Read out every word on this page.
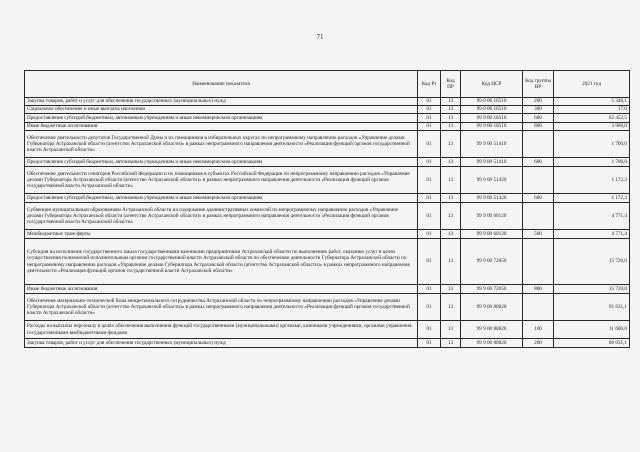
71
Наименование показателя	Код Рз	Код ПР	Код ЦСР	Код группы ВР	2021 год
Закупка товаров, работ и услуг для обеспечения государственных (муниципальных) нужд	01	13	99 9 00 10510	200	5 348,1
Социальное обеспечение и иные выплаты населению	01	13	99 9 00 10510	300	17,0
Предоставление субсидий бюджетным, автономным учреждениям и иным некоммерческим организациям	01	13	99 9 00 10510	600	62 452,5
Иные бюджетные ассигнования	01	13	99 9 00 10510	800	3 900,0
Обеспечение деятельности депутатов Государственной Думы и их помощников в избирательных округах по непрограммному направлению расходов «Управление делами Губернатора Астраханской области (агентство Астраханской области)» в рамках непрограммного направления деятельности «Реализация функций органов государственной власти Астраханской области»	01	13	99 9 00 51410		1 700,0
Предоставление субсидий бюджетным, автономным учреждениям и иным некоммерческим организациям	01	13	99 9 00 51410	600	1 700,0
Обеспечение деятельности сенаторов Российской Федерации и их помощников в субъектах Российской Федерации по непрограммному направлению расходов «Управление делами Губернатора Астраханской области (агентство Астраханской области)» в рамках непрограммного направления деятельности «Реализация функций органов государственной власти Астраханской области»	01	13	99 9 00 51420		1 172,3
Предоставление субсидий бюджетным, автономным учреждениям и иным некоммерческим организациям	01	13	99 9 00 51420	600	1 172,3
Субвенция муниципальным образованиям Астраханской области на содержание административных комиссий по непрограммному направлению расходов «Управление делами Губернатора Астраханской области (агентство Астраханской области)» в рамках непрограммного направления деятельности «Реализация функций органов государственной власти Астраханской области»	01	13	99 9 00 60120		4 771,4
Межбюджетные трансферты	01	13	99 9 00 60120	500	4 771,4
Субсидия на исполнение государственного заказа государственными казенными предприятиями Астраханской области по выполнению работ, оказанию услуг в целях осуществления полномочий исполнительным органом государственной власти Астраханской области по обеспечению деятельности Губернатора Астраханской области по непрограммному направлению расходов «Управление делами Губернатора Астраханской области (агентство Астраханской области)» в рамках непрограммного направления деятельности «Реализация функций органов государственной власти Астраханской области»	01	13	99 9 00 72050		15 720,0
Иные бюджетные ассигнования	01	13	99 9 00 72050	800	15 720,0
Обеспечение материально-технической базы межрегионального сотрудничества Астраханской области по непрограммному направлению расходов «Управление делами Губернатора Астраханской области (агентство Астраханской области)» в рамках непрограммного направления деятельности «Реализация функций органов государственной власти Астраханской области»	01	13	99 9 00 80820		91 631,1
Расходы на выплаты персоналу в целях обеспечения выполнения функций государственными (муниципальными) органами, казенными учреждениями, органами управления государственными внебюджетными фондами	01	13	99 9 00 80820	100	11 600,0
Закупка товаров, работ и услуг для обеспечения государственных (муниципальных) нужд	01	13	99 9 00 80820	200	80 031,1
